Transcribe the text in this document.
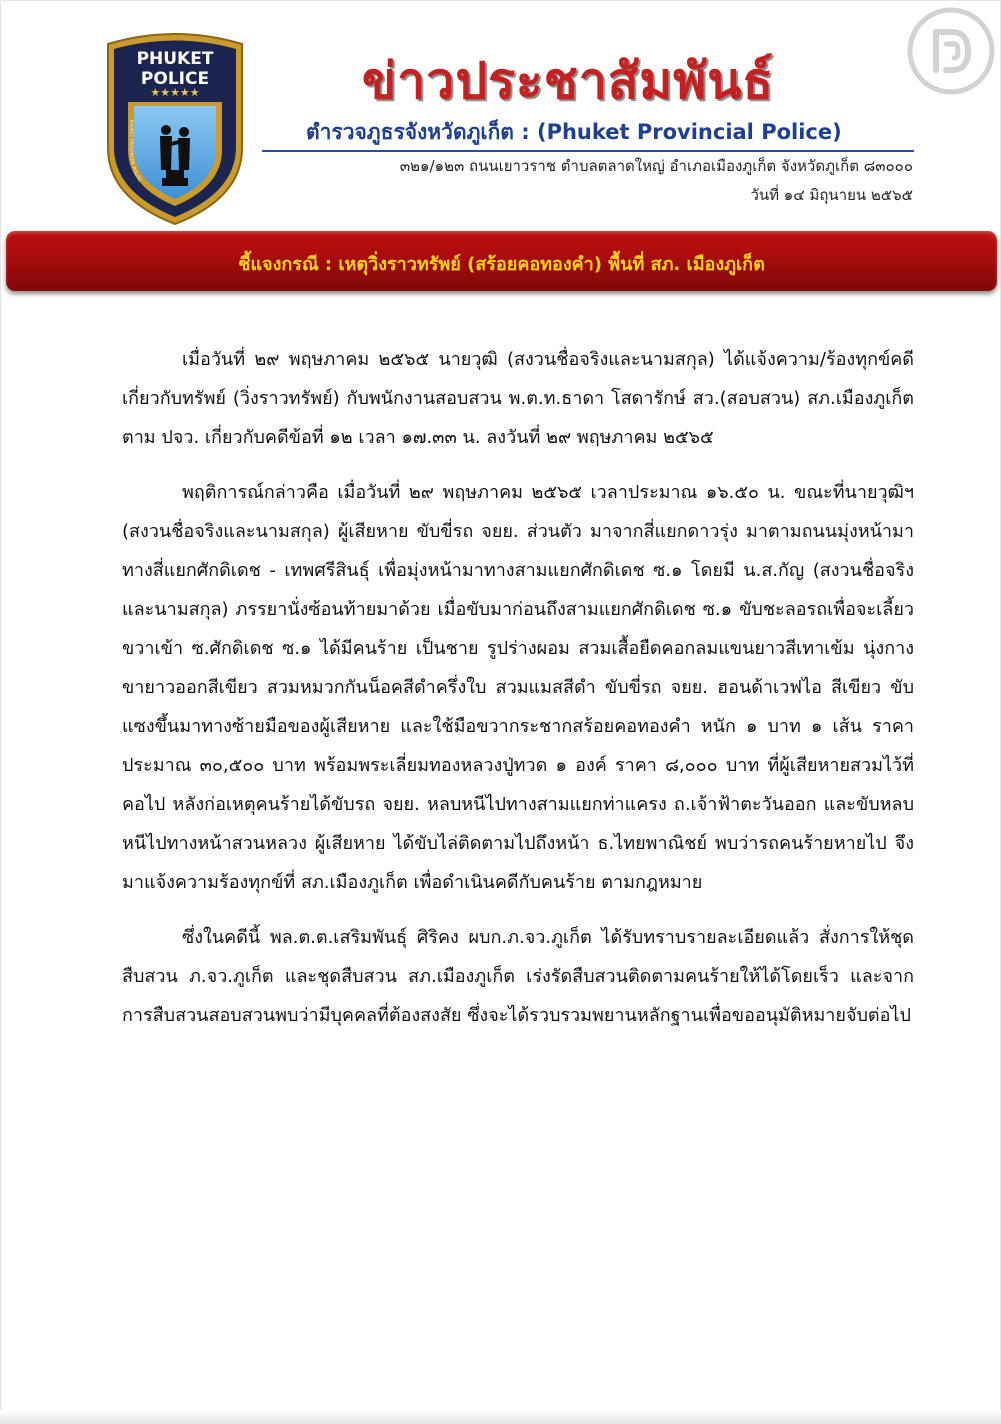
★★★★★
PHUKET
POLICE
PHUKET PROVINCIAL POLICE
ข่าวประชาสัมพันธ์
ตำรวจภูธรจังหวัดภูเก็ต : (Phuket Provincial Police)
๓๒๑/๑๒๓ ถนนเยาวราช ตำบลตลาดใหญ่ อำเภอเมืองภูเก็ต จังหวัดภูเก็ต ๘๓๐๐๐
วันที่ ๑๔ มิถุนายน ๒๕๖๕
ชี้แจงกรณี : เหตุวิ่งราวทรัพย์ (สร้อยคอทองคำ) พื้นที่ สภ. เมืองภูเก็ต

เมื่อวันที่ ๒๙ พฤษภาคม ๒๕๖๕ นายวุฒิ (สงวนชื่อจริงและนามสกุล) ได้แจ้งความ/ร้องทุกข์คดีเกี่ยวกับทรัพย์ (วิ่งราวทรัพย์) กับพนักงานสอบสวน พ.ต.ท.ธาดา โสดารักษ์ สว.(สอบสวน) สภ.เมืองภูเก็ต ตาม ปจว. เกี่ยวกับคดีข้อที่ ๑๒ เวลา ๑๗.๓๓ น. ลงวันที่ ๒๙ พฤษภาคม ๒๕๖๕

พฤติการณ์กล่าวคือ เมื่อวันที่ ๒๙ พฤษภาคม ๒๕๖๕ เวลาประมาณ ๑๖.๕๐ น. ขณะที่นายวุฒิฯ (สงวนชื่อจริงและนามสกุล) ผู้เสียหาย ขับขี่รถ จยย. ส่วนตัว มาจากสี่แยกดาวรุ่ง มาตามถนนมุ่งหน้ามาทางสี่แยกศักดิเดช - เทพศรีสินธุ์ เพื่อมุ่งหน้ามาทางสามแยกศักดิเดช ซ.๑ โดยมี น.ส.กัญ (สงวนชื่อจริงและนามสกุล) ภรรยานั่งซ้อนท้ายมาด้วย เมื่อขับมาก่อนถึงสามแยกศักดิเดช ซ.๑ ขับชะลอรถเพื่อจะเลี้ยวขวาเข้า ซ.ศักดิเดช ซ.๑ ได้มีคนร้าย เป็นชาย รูปร่างผอม สวมเสื้อยืดคอกลมแขนยาวสีเทาเข้ม นุ่งกางขายาวออกสีเขียว สวมหมวกกันน็อคสีดำครึ่งใบ สวมแมสสีดำ ขับขี่รถ จยย. ฮอนด้าเวฟไอ สีเขียว ขับแซงขึ้นมาทางซ้ายมือของผู้เสียหาย และใช้มือขวากระชากสร้อยคอทองคำ หนัก ๑ บาท ๑ เส้น ราคาประมาณ ๓๐,๕๐๐ บาท พร้อมพระเลี่ยมทองหลวงปู่ทวด ๑ องค์ ราคา ๘,๐๐๐ บาท ที่ผู้เสียหายสวมไว้ที่คอไป หลังก่อเหตุคนร้ายได้ขับรถ จยย. หลบหนีไปทางสามแยกท่าแครง ถ.เจ้าฟ้าตะวันออก และขับหลบหนีไปทางหน้าสวนหลวง ผู้เสียหาย ได้ขับไล่ติดตามไปถึงหน้า ธ.ไทยพาณิชย์ พบว่ารถคนร้ายหายไป จึงมาแจ้งความร้องทุกข์ที่ สภ.เมืองภูเก็ต เพื่อดำเนินคดีกับคนร้าย ตามกฎหมาย

ซึ่งในคดีนี้ พล.ต.ต.เสริมพันธุ์ ศิริคง ผบก.ภ.จว.ภูเก็ต ได้รับทราบรายละเอียดแล้ว สั่งการให้ชุดสืบสวน ภ.จว.ภูเก็ต และชุดสืบสวน สภ.เมืองภูเก็ต เร่งรัดสืบสวนติดตามคนร้ายให้ได้โดยเร็ว และจากการสืบสวนสอบสวนพบว่ามีบุคคลที่ต้องสงสัย ซึ่งจะได้รวบรวมพยานหลักฐานเพื่อขออนุมัติหมายจับต่อไป
